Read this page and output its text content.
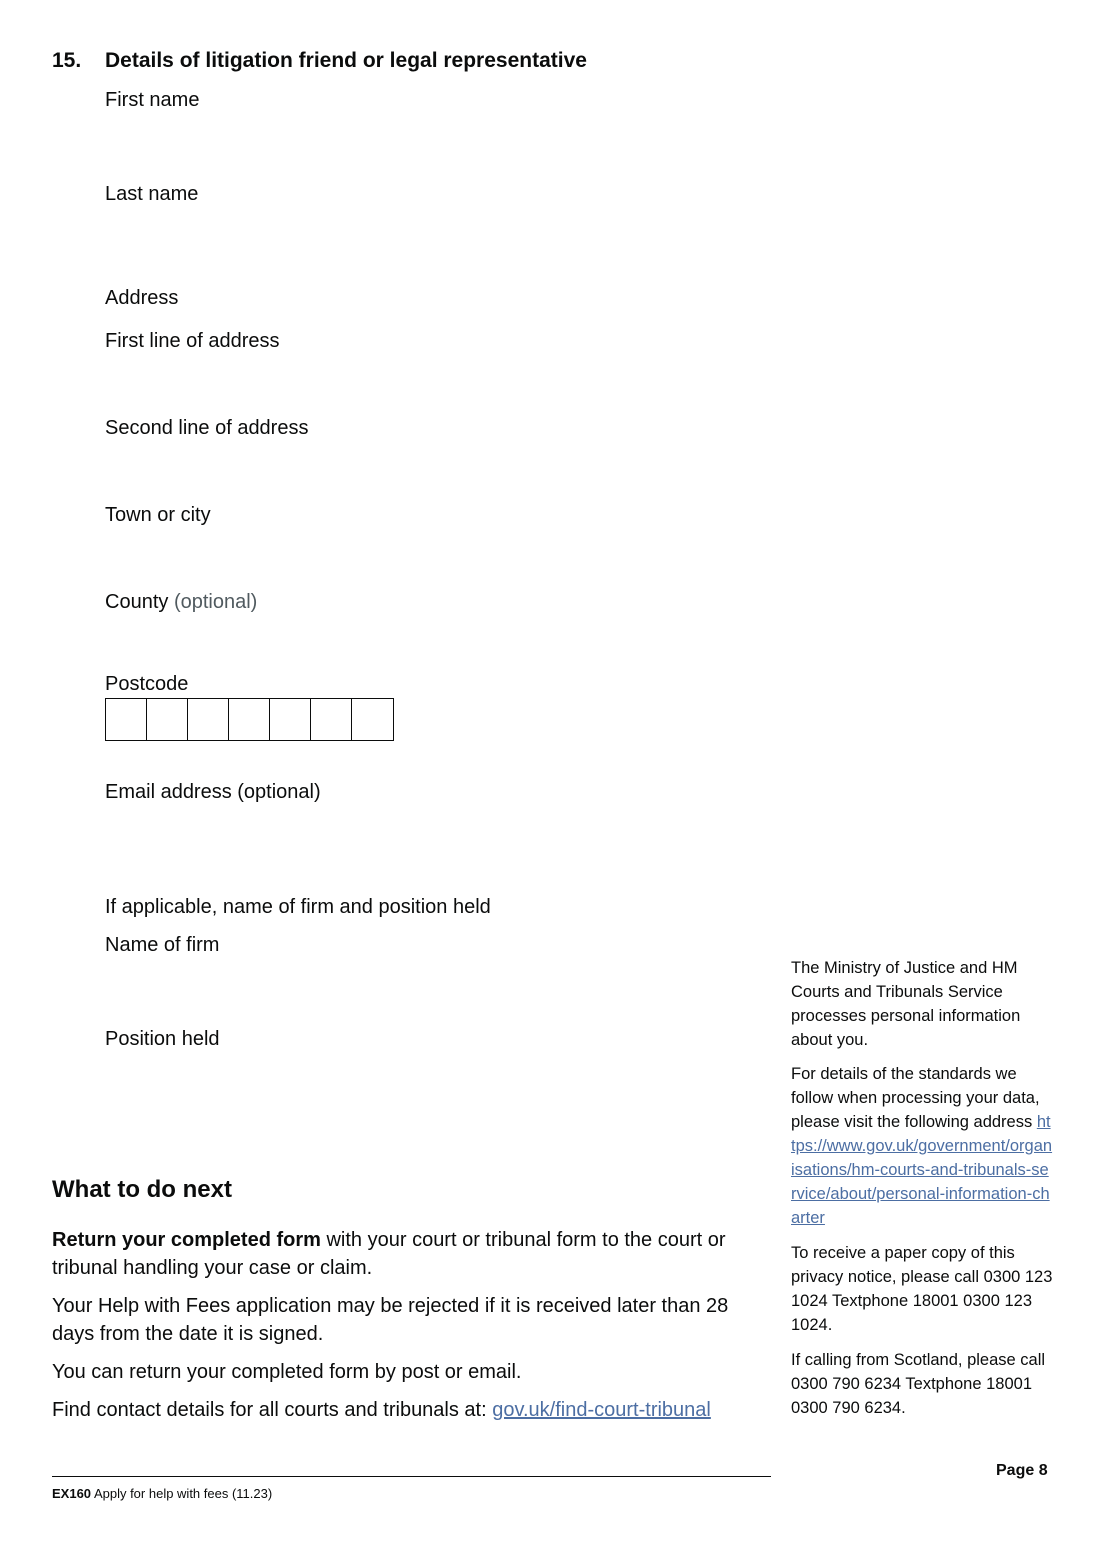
15. Details of litigation friend or legal representative
First name
Last name
Address
First line of address
Second line of address
Town or city
County (optional)
Postcode
Email address (optional)
If applicable, name of firm and position held
Name of firm
Position held
What to do next
Return your completed form with your court or tribunal form to the court or tribunal handling your case or claim.
Your Help with Fees application may be rejected if it is received later than 28 days from the date it is signed.
You can return your completed form by post or email.
Find contact details for all courts and tribunals at: gov.uk/find-court-tribunal

The Ministry of Justice and HM Courts and Tribunals Service processes personal information about you.

For details of the standards we follow when processing your data, please visit the following address https://www.gov.uk/government/organisations/hm-courts-and-tribunals-service/about/personal-information-charter

To receive a paper copy of this privacy notice, please call 0300 123 1024 Textphone 18001 0300 123 1024.

If calling from Scotland, please call 0300 790 6234 Textphone 18001 0300 790 6234.

Page 8
EX160 Apply for help with fees (11.23)
